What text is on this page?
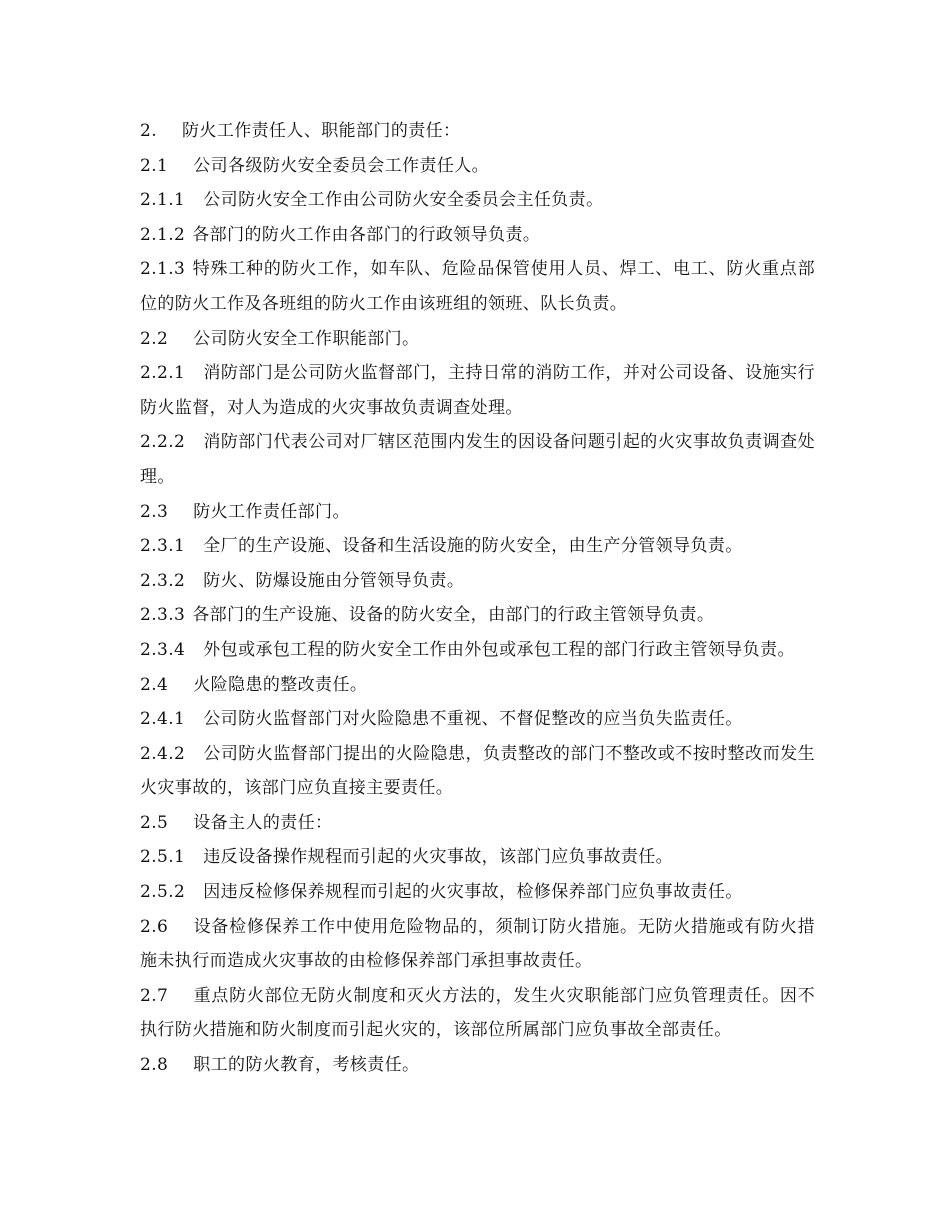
2. 防火工作责任人、职能部门的责任：

2.1 公司各级防火安全委员会工作责任人。

2.1.1 公司防火安全工作由公司防火安全委员会主任负责。

2.1.2 各部门的防火工作由各部门的行政领导负责。

2.1.3 特殊工种的防火工作，如车队、危险品保管使用人员、焊工、电工、防火重点部位的防火工作及各班组的防火工作由该班组的领班、队长负责。

2.2 公司防火安全工作职能部门。

2.2.1 消防部门是公司防火监督部门，主持日常的消防工作，并对公司设备、设施实行防火监督，对人为造成的火灾事故负责调查处理。

2.2.2 消防部门代表公司对厂辖区范围内发生的因设备问题引起的火灾事故负责调查处理。

2.3 防火工作责任部门。

2.3.1 全厂的生产设施、设备和生活设施的防火安全，由生产分管领导负责。

2.3.2 防火、防爆设施由分管领导负责。

2.3.3 各部门的生产设施、设备的防火安全，由部门的行政主管领导负责。

2.3.4 外包或承包工程的防火安全工作由外包或承包工程的部门行政主管领导负责。

2.4 火险隐患的整改责任。

2.4.1 公司防火监督部门对火险隐患不重视、不督促整改的应当负失监责任。

2.4.2 公司防火监督部门提出的火险隐患，负责整改的部门不整改或不按时整改而发生火灾事故的，该部门应负直接主要责任。

2.5 设备主人的责任：

2.5.1 违反设备操作规程而引起的火灾事故，该部门应负事故责任。

2.5.2 因违反检修保养规程而引起的火灾事故，检修保养部门应负事故责任。

2.6 设备检修保养工作中使用危险物品的，须制订防火措施。无防火措施或有防火措施未执行而造成火灾事故的由检修保养部门承担事故责任。

2.7 重点防火部位无防火制度和灭火方法的，发生火灾职能部门应负管理责任。因不执行防火措施和防火制度而引起火灾的，该部位所属部门应负事故全部责任。

2.8 职工的防火教育，考核责任。
